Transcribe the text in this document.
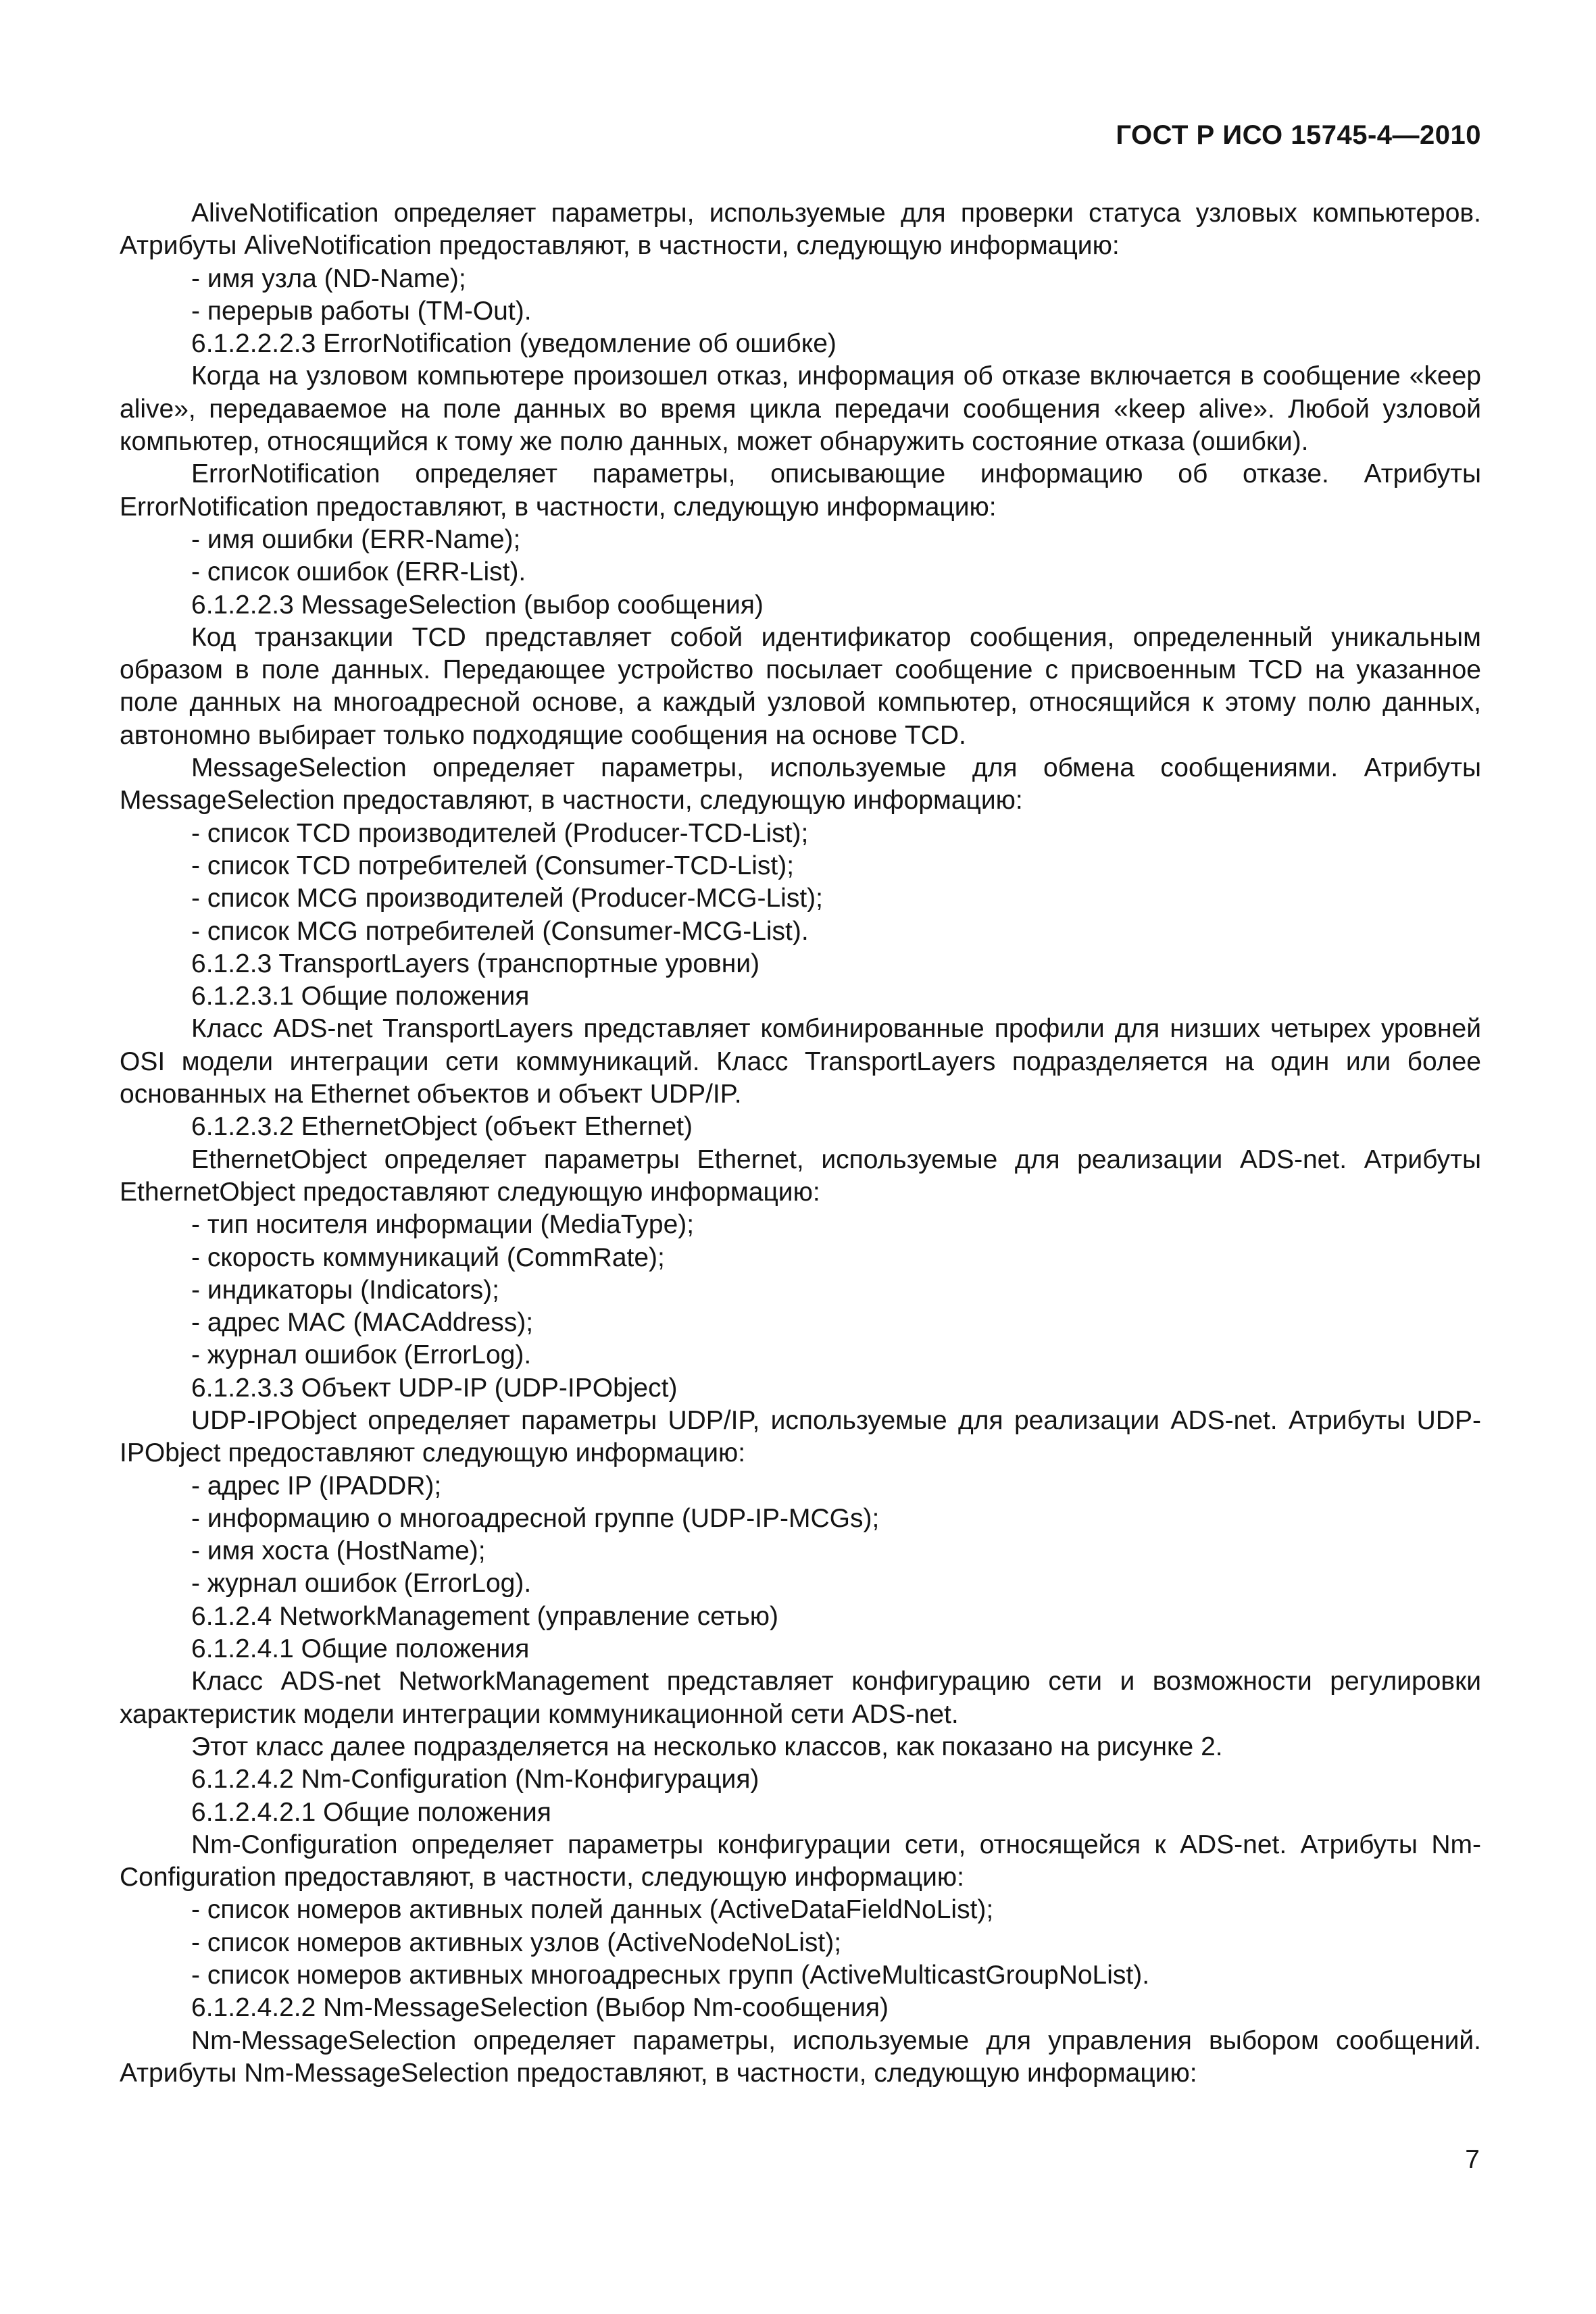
ГОСТ Р ИСО 15745-4—2010
AliveNotification определяет параметры, используемые для проверки статуса узловых компьютеров. Атрибуты AliveNotification предоставляют, в частности, следующую информацию:
- имя узла (ND-Name);
- перерыв работы (TM-Out).
6.1.2.2.2.3 ErrorNotification (уведомление об ошибке)
Когда на узловом компьютере произошел отказ, информация об отказе включается в сообщение «keep alive», передаваемое на поле данных во время цикла передачи сообщения «keep alive». Любой узловой компьютер, относящийся к тому же полю данных, может обнаружить состояние отказа (ошибки).
ErrorNotification определяет параметры, описывающие информацию об отказе. Атрибуты ErrorNotification предоставляют, в частности, следующую информацию:
- имя ошибки (ERR-Name);
- список ошибок (ERR-List).
6.1.2.2.3 MessageSelection (выбор сообщения)
Код транзакции TCD представляет собой идентификатор сообщения, определенный уникальным образом в поле данных. Передающее устройство посылает сообщение с присвоенным TCD на указанное поле данных на многоадресной основе, а каждый узловой компьютер, относящийся к этому полю данных, автономно выбирает только подходящие сообщения на основе TCD.
MessageSelection определяет параметры, используемые для обмена сообщениями. Атрибуты MessageSelection предоставляют, в частности, следующую информацию:
- список TCD производителей (Producer-TCD-List);
- список TCD потребителей (Consumer-TCD-List);
- список MCG производителей (Producer-MCG-List);
- список MCG потребителей (Consumer-MCG-List).
6.1.2.3 TransportLayers (транспортные уровни)
6.1.2.3.1 Общие положения
Класс ADS-net TransportLayers представляет комбинированные профили для низших четырех уровней OSI модели интеграции сети коммуникаций. Класс TransportLayers подразделяется на один или более основанных на Ethernet объектов и объект UDP/IP.
6.1.2.3.2 EthernetObject (объект Ethernet)
EthernetObject определяет параметры Ethernet, используемые для реализации ADS-net. Атрибуты EthernetObject предоставляют следующую информацию:
- тип носителя информации (MediaType);
- скорость коммуникаций (CommRate);
- индикаторы (Indicators);
- адрес MAC (MACAddress);
- журнал ошибок (ErrorLog).
6.1.2.3.3 Объект UDP-IP (UDP-IPObject)
UDP-IPObject определяет параметры UDP/IP, используемые для реализации ADS-net. Атрибуты UDP-IPObject предоставляют следующую информацию:
- адрес IP (IPADDR);
- информацию о многоадресной группе (UDP-IP-MCGs);
- имя хоста (HostName);
- журнал ошибок (ErrorLog).
6.1.2.4 NetworkManagement (управление сетью)
6.1.2.4.1 Общие положения
Класс ADS-net NetworkManagement представляет конфигурацию сети и возможности регулировки характеристик модели интеграции коммуникационной сети ADS-net.
Этот класс далее подразделяется на несколько классов, как показано на рисунке 2.
6.1.2.4.2 Nm-Configuration (Nm-Конфигурация)
6.1.2.4.2.1 Общие положения
Nm-Configuration определяет параметры конфигурации сети, относящейся к ADS-net. Атрибуты Nm-Configuration предоставляют, в частности, следующую информацию:
- список номеров активных полей данных (ActiveDataFieldNoList);
- список номеров активных узлов (ActiveNodeNoList);
- список номеров активных многоадресных групп (ActiveMulticastGroupNoList).
6.1.2.4.2.2 Nm-MessageSelection (Выбор Nm-сообщения)
Nm-MessageSelection определяет параметры, используемые для управления выбором сообщений. Атрибуты Nm-MessageSelection предоставляют, в частности, следующую информацию:
7
